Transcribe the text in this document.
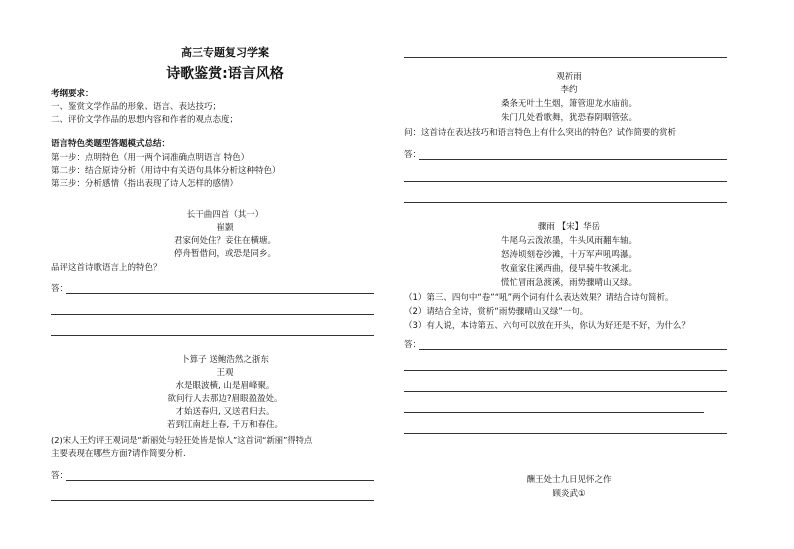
高三专题复习学案
诗歌鉴赏:语言风格
考纲要求：
一、鉴赏文学作品的形象、语言、表达技巧；
二、评价文学作品的思想内容和作者的观点态度；
语言特色类题型答题模式总结：
第一步：点明特色（用一两个词准确点明语言 特色）
第二步：结合原诗分析（用诗中有关语句具体分析这种特色）
第三步：分析感情（指出表现了诗人怎样的感情）
长干曲四首（其一）
崔颢
君家何处住？妾住在横塘。
停舟暂借问，或恐是同乡。
品评这首诗歌语言上的特色？
答：
卜算子 送鲍浩然之浙东
王观
水是眼波横, 山是眉峰聚。
欲问行人去那边?眉眼盈盈处。
才始送春归, 又送君归去。
若到江南赶上春, 千万和春住。
(2)宋人王灼评王观词是“新丽处与轻狂处皆是惊人”这首词“新丽”得特点
主要表现在哪些方面?请作简要分析.
答：
观祈雨
李约
桑条无叶土生烟，箫管迎龙水庙前。
朱门几处看歌舞，犹恐春阴咽管弦。
问：这首诗在表达技巧和语言特色上有什么突出的特色？试作简要的赏析
答：
骤雨 【宋】华岳
牛尾乌云泼浓墨，牛头风雨翻车轴。
怒涛顷刻卷沙滩，十万军声吼鸣瀑。
牧童家住溪西曲，侵早骑牛牧溪北。
慌忙冒雨急渡溪，雨势骤晴山又绿。
（1）第三、四句中“卷”“吼”两个词有什么表达效果？请结合诗句简析。
（2）请结合全诗，赏析“雨势骤晴山又绿”一句。
（3）有人说，本诗第五、六句可以放在开头，你认为好还是不好，为什么？
答：
酬王处士九日见怀之作
顾炎武①
